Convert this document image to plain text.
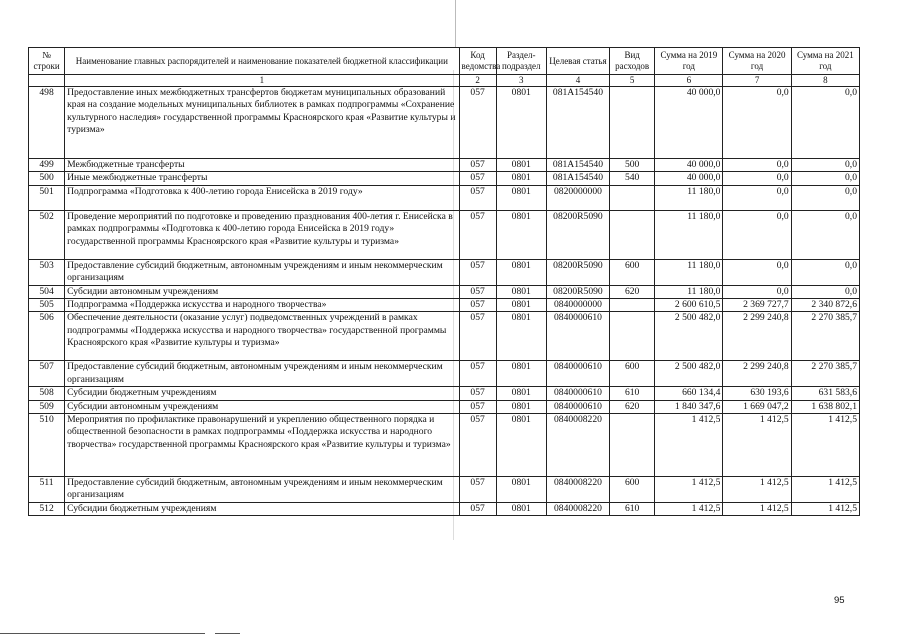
№ строки	Наименование главных распорядителей и наименование показателей бюджетной классификации	Код ведомства	Раздел-подраздел	Целевая статья	Вид расходов	Сумма на 2019 год	Сумма на 2020 год	Сумма на 2021 год
	1	2	3	4	5	6	7	8
498	Предоставление иных межбюджетных трансфертов бюджетам муниципальных образований края на создание модельных муниципальных библиотек в рамках подпрограммы «Сохранение культурного наследия» государственной программы Красноярского края «Развитие культуры и туризма»	057	0801	081A154540		40 000,0	0,0	0,0
499	Межбюджетные трансферты	057	0801	081A154540	500	40 000,0	0,0	0,0
500	Иные межбюджетные трансферты	057	0801	081A154540	540	40 000,0	0,0	0,0
501	Подпрограмма «Подготовка к 400-летию города Енисейска в 2019 году»	057	0801	0820000000		11 180,0	0,0	0,0
502	Проведение мероприятий по подготовке и проведению празднования 400-летия г. Енисейска в рамках подпрограммы «Подготовка к 400-летию города Енисейска в 2019 году» государственной программы Красноярского края «Развитие культуры и туризма»	057	0801	08200R5090		11 180,0	0,0	0,0
503	Предоставление субсидий бюджетным, автономным учреждениям и иным некоммерческим организациям	057	0801	08200R5090	600	11 180,0	0,0	0,0
504	Субсидии автономным учреждениям	057	0801	08200R5090	620	11 180,0	0,0	0,0
505	Подпрограмма «Поддержка искусства и народного творчества»	057	0801	0840000000		2 600 610,5	2 369 727,7	2 340 872,6
506	Обеспечение деятельности (оказание услуг) подведомственных учреждений в рамках подпрограммы «Поддержка искусства и народного творчества» государственной программы Красноярского края «Развитие культуры и туризма»	057	0801	0840000610		2 500 482,0	2 299 240,8	2 270 385,7
507	Предоставление субсидий бюджетным, автономным учреждениям и иным некоммерческим организациям	057	0801	0840000610	600	2 500 482,0	2 299 240,8	2 270 385,7
508	Субсидии бюджетным учреждениям	057	0801	0840000610	610	660 134,4	630 193,6	631 583,6
509	Субсидии автономным учреждениям	057	0801	0840000610	620	1 840 347,6	1 669 047,2	1 638 802,1
510	Мероприятия по профилактике правонарушений и укреплению общественного порядка и общественной безопасности в рамках подпрограммы «Поддержка искусства и народного творчества» государственной программы Красноярского края «Развитие культуры и туризма»	057	0801	0840008220		1 412,5	1 412,5	1 412,5
511	Предоставление субсидий бюджетным, автономным учреждениям и иным некоммерческим организациям	057	0801	0840008220	600	1 412,5	1 412,5	1 412,5
512	Субсидии бюджетным учреждениям	057	0801	0840008220	610	1 412,5	1 412,5	1 412,5
95
